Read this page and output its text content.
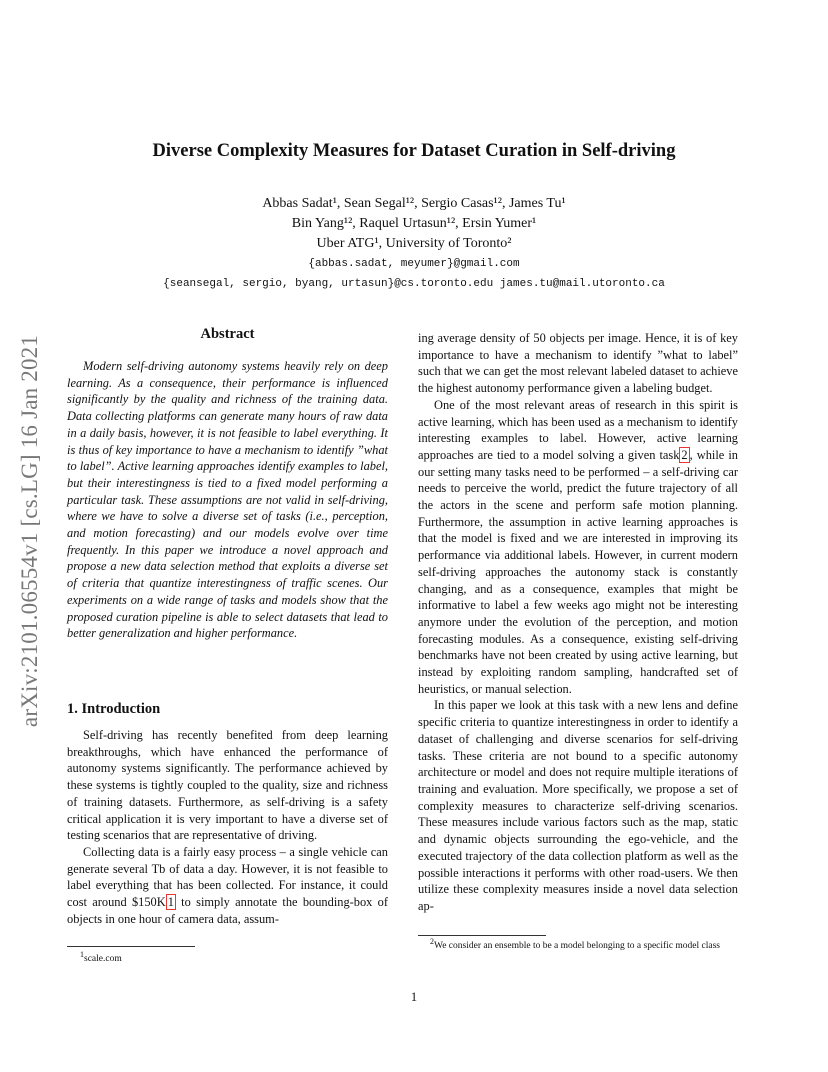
Diverse Complexity Measures for Dataset Curation in Self-driving
Abbas Sadat¹, Sean Segal¹², Sergio Casas¹², James Tu¹
Bin Yang¹², Raquel Urtasun¹², Ersin Yumer¹
Uber ATG¹, University of Toronto²
{abbas.sadat, meyumer}@gmail.com
{seansegal, sergio, byang, urtasun}@cs.toronto.edu james.tu@mail.utoronto.ca
arXiv:2101.06554v1 [cs.LG] 16 Jan 2021
Abstract

Modern self-driving autonomy systems heavily rely on deep learning. As a consequence, their performance is influenced significantly by the quality and richness of the training data. Data collecting platforms can generate many hours of raw data in a daily basis, however, it is not feasible to label everything. It is thus of key importance to have a mechanism to identify ”what to label”. Active learning approaches identify examples to label, but their interestingness is tied to a fixed model performing a particular task. These assumptions are not valid in self-driving, where we have to solve a diverse set of tasks (i.e., perception, and motion forecasting) and our models evolve over time frequently. In this paper we introduce a novel approach and propose a new data selection method that exploits a diverse set of criteria that quantize interestingness of traffic scenes. Our experiments on a wide range of tasks and models show that the proposed curation pipeline is able to select datasets that lead to better generalization and higher performance.

1. Introduction

Self-driving has recently benefited from deep learning breakthroughs, which have enhanced the performance of autonomy systems significantly. The performance achieved by these systems is tightly coupled to the quality, size and richness of training datasets. Furthermore, as self-driving is a safety critical application it is very important to have a diverse set of testing scenarios that are representative of driving.

Collecting data is a fairly easy process – a single vehicle can generate several Tb of data a day. However, it is not feasible to label everything that has been collected. For instance, it could cost around $150K 1 to simply annotate the bounding-box of objects in one hour of camera data, assum-

ing average density of 50 objects per image. Hence, it is of key importance to have a mechanism to identify ”what to label” such that we can get the most relevant labeled dataset to achieve the highest autonomy performance given a labeling budget.

One of the most relevant areas of research in this spirit is active learning, which has been used as a mechanism to identify interesting examples to label. However, active learning approaches are tied to a model solving a given task 2 , while in our setting many tasks need to be performed – a self-driving car needs to perceive the world, predict the future trajectory of all the actors in the scene and perform safe motion planning. Furthermore, the assumption in active learning approaches is that the model is fixed and we are interested in improving its performance via additional labels. However, in current modern self-driving approaches the autonomy stack is constantly changing, and as a consequence, examples that might be informative to label a few weeks ago might not be interesting anymore under the evolution of the perception, and motion forecasting modules. As a consequence, existing self-driving benchmarks have not been created by using active learning, but instead by exploiting random sampling, handcrafted set of heuristics, or manual selection.

In this paper we look at this task with a new lens and define specific criteria to quantize interestingness in order to identify a dataset of challenging and diverse scenarios for self-driving tasks. These criteria are not bound to a specific autonomy architecture or model and does not require multiple iterations of training and evaluation. More specifically, we propose a set of complexity measures to characterize self-driving scenarios. These measures include various factors such as the map, static and dynamic objects surrounding the ego-vehicle, and the executed trajectory of the data collection platform as well as the possible interactions it performs with other road-users. We then utilize these complexity measures inside a novel data selection ap-

$^1$scale.com
$^2$We consider an ensemble to be a model belonging to a specific model class
1
